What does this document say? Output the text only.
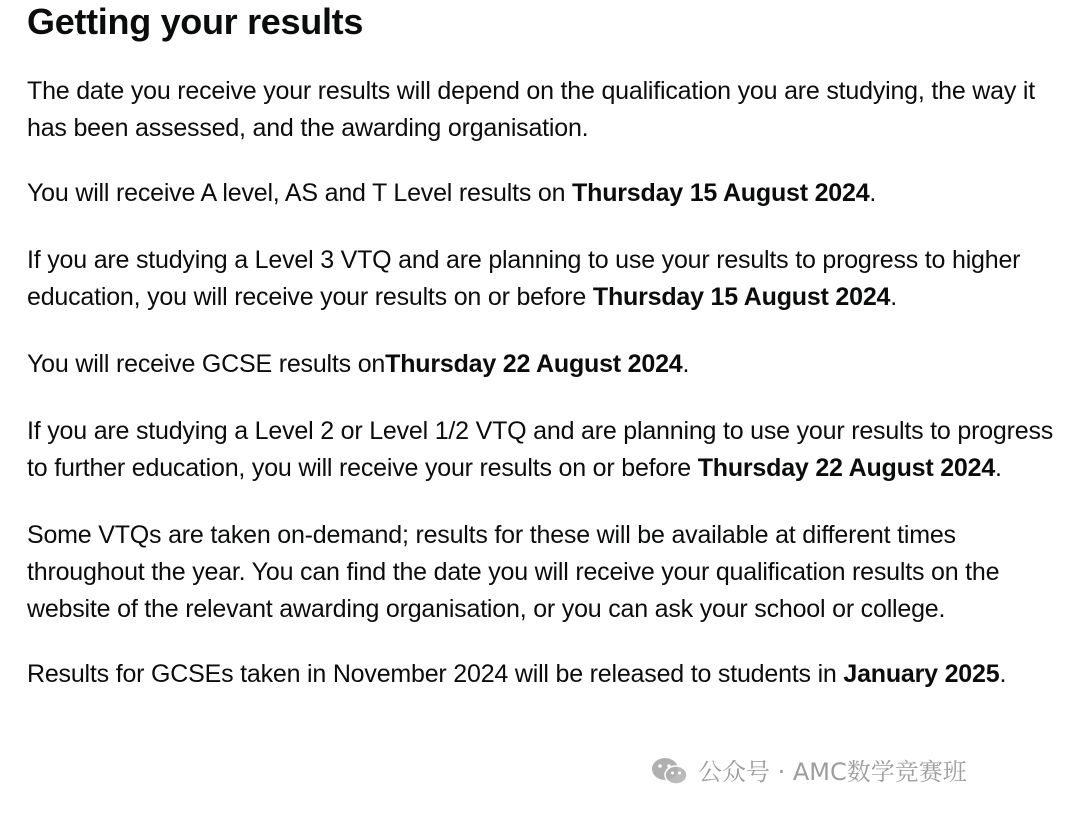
Getting your results

The date you receive your results will depend on the qualification you are studying, the way it has been assessed, and the awarding organisation.

You will receive A level, AS and T Level results on Thursday 15 August 2024.

If you are studying a Level 3 VTQ and are planning to use your results to progress to higher education, you will receive your results on or before Thursday 15 August 2024.

You will receive GCSE results onThursday 22 August 2024.

If you are studying a Level 2 or Level 1/2 VTQ and are planning to use your results to progress to further education, you will receive your results on or before Thursday 22 August 2024.

Some VTQs are taken on-demand; results for these will be available at different times throughout the year. You can find the date you will receive your qualification results on the website of the relevant awarding organisation, or you can ask your school or college.

Results for GCSEs taken in November 2024 will be released to students in January 2025.

公众号 · AMC数学竞赛班
